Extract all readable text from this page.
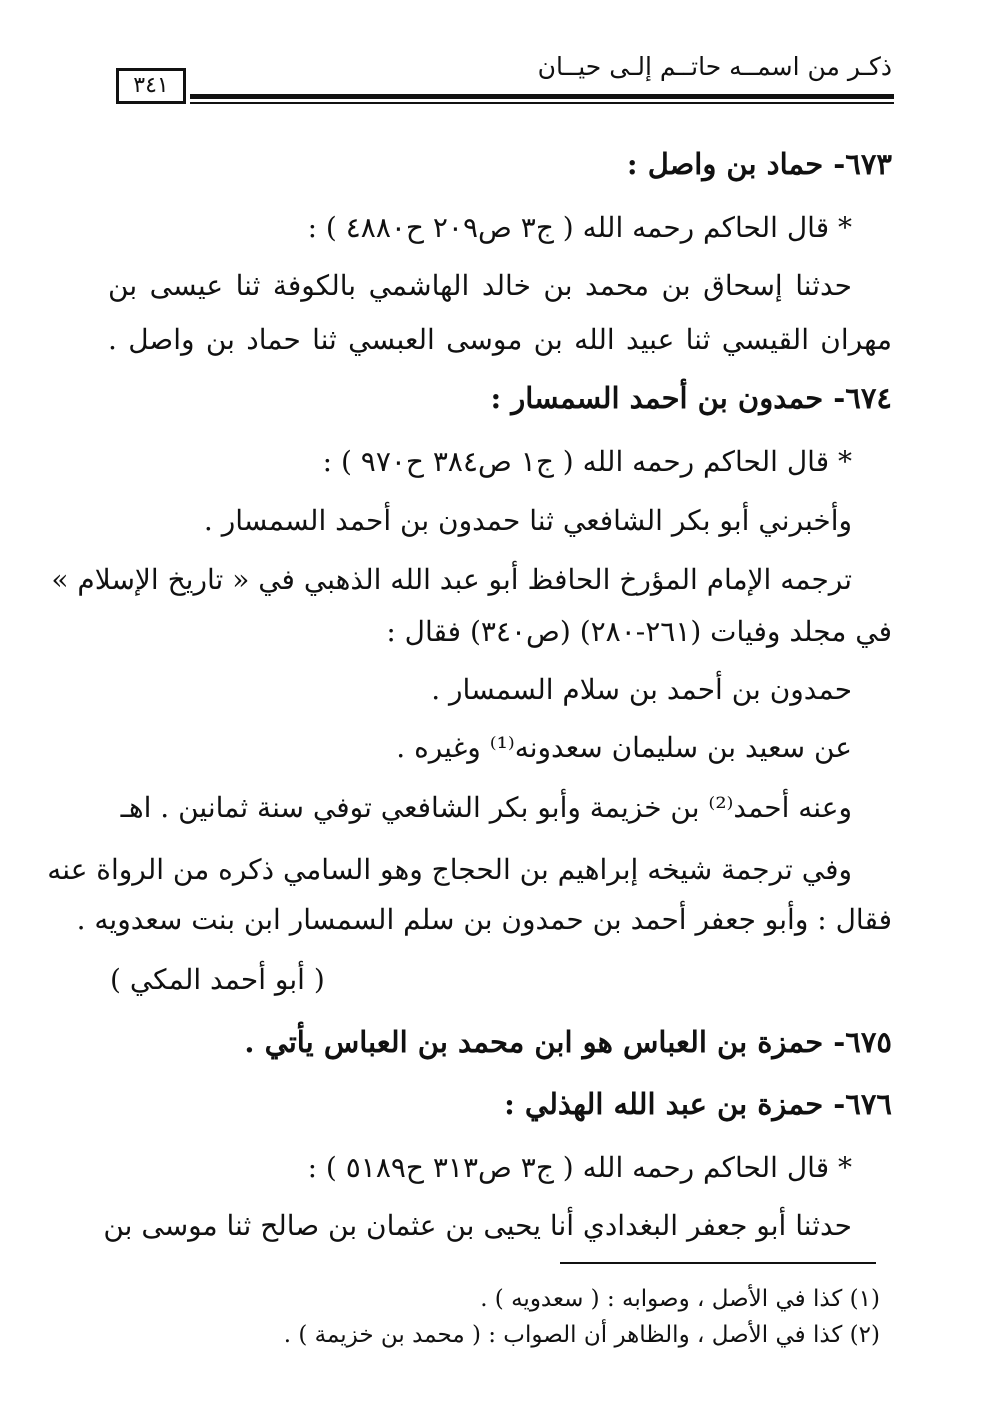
ذكـر من اسمــه حاتــم إلـى حيــان
٣٤١
٦٧٣- حماد بن واصل :
* قال الحاكم رحمه الله ( ج٣ ص٢٠٩ ح٤٨٨٠ ) :
حدثنا إسحاق بن محمد بن خالد الهاشمي بالكوفة ثنا عيسى بن
مهران القيسي ثنا عبيد الله بن موسى العبسي ثنا حماد بن واصل .
٦٧٤- حمدون بن أحمد السمسار :
* قال الحاكم رحمه الله ( ج١ ص٣٨٤ ح٩٧٠ ) :
وأخبرني أبو بكر الشافعي ثنا حمدون بن أحمد السمسار .
ترجمه الإمام المؤرخ الحافظ أبو عبد الله الذهبي في « تاريخ الإسلام »
في مجلد وفيات (٢٦١-٢٨٠) (ص٣٤٠) فقال :
حمدون بن أحمد بن سلام السمسار .
عن سعيد بن سليمان سعدونه⁽¹⁾ وغيره .
وعنه أحمد⁽²⁾ بن خزيمة وأبو بكر الشافعي توفي سنة ثمانين . اهـ
وفي ترجمة شيخه إبراهيم بن الحجاج وهو السامي ذكره من الرواة عنه
فقال : وأبو جعفر أحمد بن حمدون بن سلم السمسار ابن بنت سعدويه .
( أبو أحمد المكي )
٦٧٥- حمزة بن العباس هو ابن محمد بن العباس يأتي .
٦٧٦- حمزة بن عبد الله الهذلي :
* قال الحاكم رحمه الله ( ج٣ ص٣١٣ ح٥١٨٩ ) :
حدثنا أبو جعفر البغدادي أنا يحيى بن عثمان بن صالح ثنا موسى بن
(١) كذا في الأصل ، وصوابه : ( سعدويه ) .
(٢) كذا في الأصل ، والظاهر أن الصواب : ( محمد بن خزيمة ) .
